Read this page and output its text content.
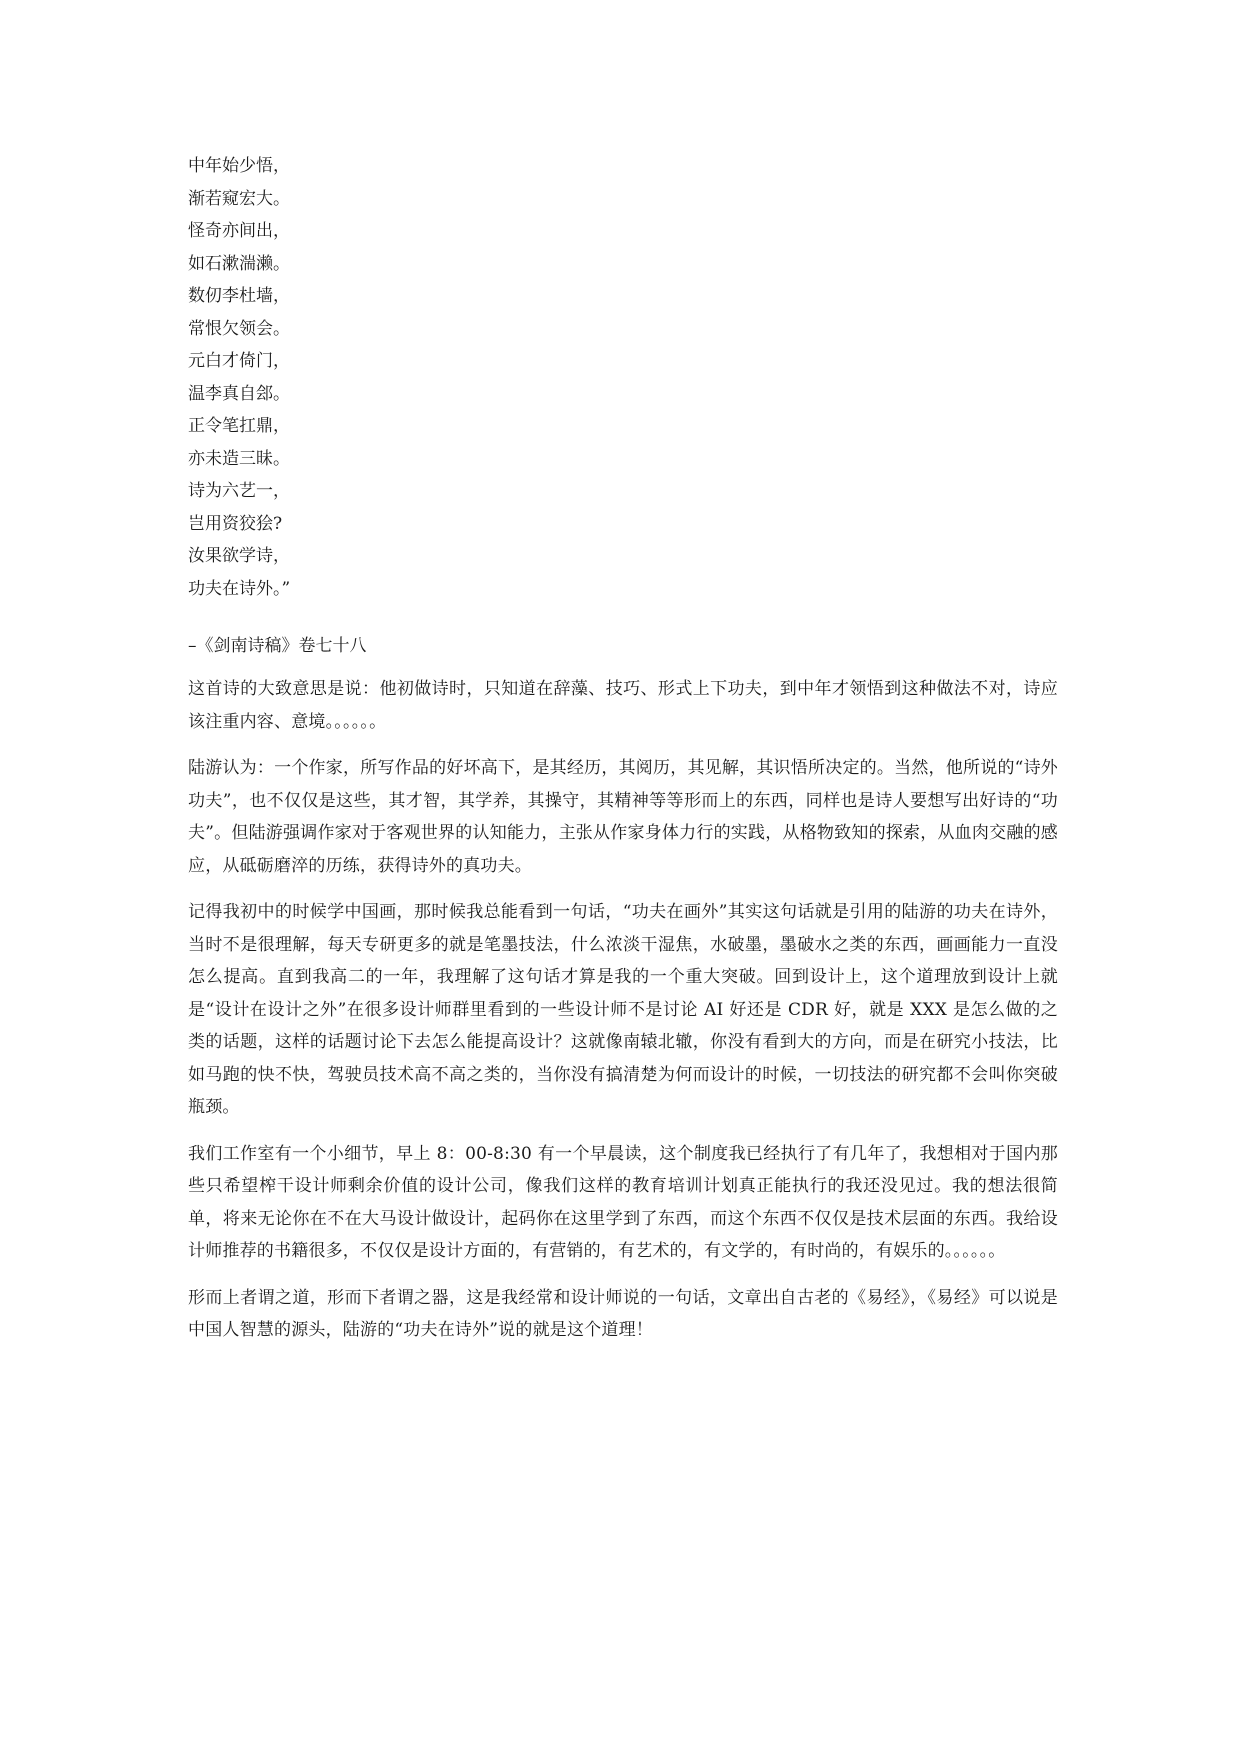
中年始少悟，
渐若窥宏大。
怪奇亦间出，
如石漱湍濑。
数仞李杜墙，
常恨欠领会。
元白才倚门，
温李真自郐。
正令笔扛鼎，
亦未造三昧。
诗为六艺一，
岂用资狡狯?
汝果欲学诗，
功夫在诗外。”
–《剑南诗稿》卷七十八

这首诗的大致意思是说：他初做诗时，只知道在辞藻、技巧、形式上下功夫，到中年才领悟到这种做法不对，诗应该注重内容、意境。。。。。。

陆游认为：一个作家，所写作品的好坏高下，是其经历，其阅历，其见解，其识悟所决定的。当然，他所说的“诗外功夫”，也不仅仅是这些，其才智，其学养，其操守，其精神等等形而上的东西，同样也是诗人要想写出好诗的“功夫”。但陆游强调作家对于客观世界的认知能力，主张从作家身体力行的实践，从格物致知的探索，从血肉交融的感应，从砥砺磨淬的历练，获得诗外的真功夫。

记得我初中的时候学中国画，那时候我总能看到一句话，“功夫在画外”其实这句话就是引用的陆游的功夫在诗外，当时不是很理解，每天专研更多的就是笔墨技法，什么浓淡干湿焦，水破墨，墨破水之类的东西，画画能力一直没怎么提高。直到我高二的一年，我理解了这句话才算是我的一个重大突破。回到设计上，这个道理放到设计上就是“设计在设计之外”在很多设计师群里看到的一些设计师不是讨论 AI 好还是 CDR 好，就是 XXX 是怎么做的之类的话题，这样的话题讨论下去怎么能提高设计？这就像南辕北辙，你没有看到大的方向，而是在研究小技法，比如马跑的快不快，驾驶员技术高不高之类的，当你没有搞清楚为何而设计的时候，一切技法的研究都不会叫你突破瓶颈。

我们工作室有一个小细节，早上 8：00-8:30 有一个早晨读，这个制度我已经执行了有几年了，我想相对于国内那些只希望榨干设计师剩余价值的设计公司，像我们这样的教育培训计划真正能执行的我还没见过。我的想法很简单，将来无论你在不在大马设计做设计，起码你在这里学到了东西，而这个东西不仅仅是技术层面的东西。我给设计师推荐的书籍很多，不仅仅是设计方面的，有营销的，有艺术的，有文学的，有时尚的，有娱乐的。。。。。。

形而上者谓之道，形而下者谓之器，这是我经常和设计师说的一句话，文章出自古老的《易经》，《易经》可以说是中国人智慧的源头，陆游的“功夫在诗外”说的就是这个道理！
